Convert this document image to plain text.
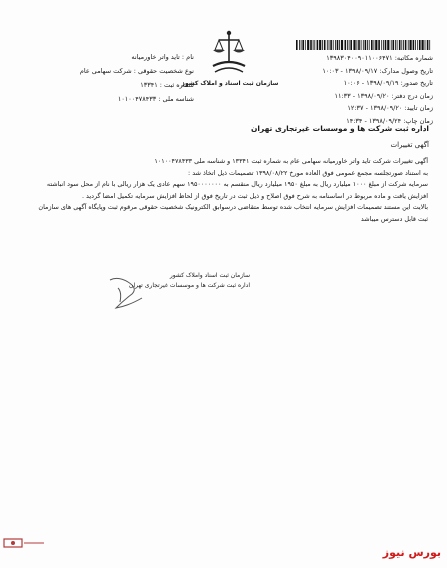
سازمان ثبت اسناد و املاک کشور
شماره مکاتبه: ۱۳۹۸۳۰۴۰۰۹۰۱۱۰۰۶۴۷۱
تاریخ وصول مدارک: ۱۳۹۸/۰۹/۱۷ - ۱۰:۰۳
تاریخ صدور: ۱۳۹۸/۰۹/۱۹ - ۱۰:۰۶
زمان درج دفتر: ۱۳۹۸/۰۹/۲۰ - ۱۱:۳۳
زمان تایید: ۱۳۹۸/۰۹/۲۰ - ۱۲:۳۷
زمان چاپ: ۱۳۹۸/۰۹/۲۴ - ۱۴:۳۴
نام : تاید واتر خاورمیانه
نوع شخصیت حقوقی : شرکت سهامی عام
شماره ثبت : ۱۳۳۴۱
شناسه ملی : ۱۰۱۰۰۴۷۸۴۳۳
اداره ثبت شرکت ها و موسسات غیرتجاری تهران
آگهی تغییرات

آگهی تغییرات شرکت تاید واتر خاورمیانه سهامی عام به شماره ثبت ۱۳۳۴۱ و شناسه ملی ۱۰۱۰۰۴۷۸۴۳۳

به استناد صورتجلسه مجمع عمومی فوق العاده مورخ ۱۳۹۸/۰۸/۲۲ تصمیمات ذیل اتخاذ شد :

سرمایه شرکت از مبلغ ۱۰۰۰ میلیارد ریال به مبلغ ۱۹۵۰ میلیارد ریال منقسم به ۱۹۵۰۰۰۰۰۰۰ سهم عادی یک هزار ریالی با نام از محل سود انباشته

افزایش یافت و ماده مربوط در اساسنامه به شرح فوق اصلاح و ذیل ثبت در تاریخ فوق از لحاظ افزایش سرمایه تکمیل امضا گردید .

بالایت این مستند تصمیمات افزایش سرمایه انتخاب شده توسط متقاضی درسوابق الکترونیک شخصیت حقوقی مرقوم ثبت وپایگاه آگهی های سازمان

ثبت قابل دسترس میباشد

سازمان ثبت اسناد واملاک کشور
اداره ثبت شرکت ها و موسسات غیرتجاری تهران
بورس نیوز
